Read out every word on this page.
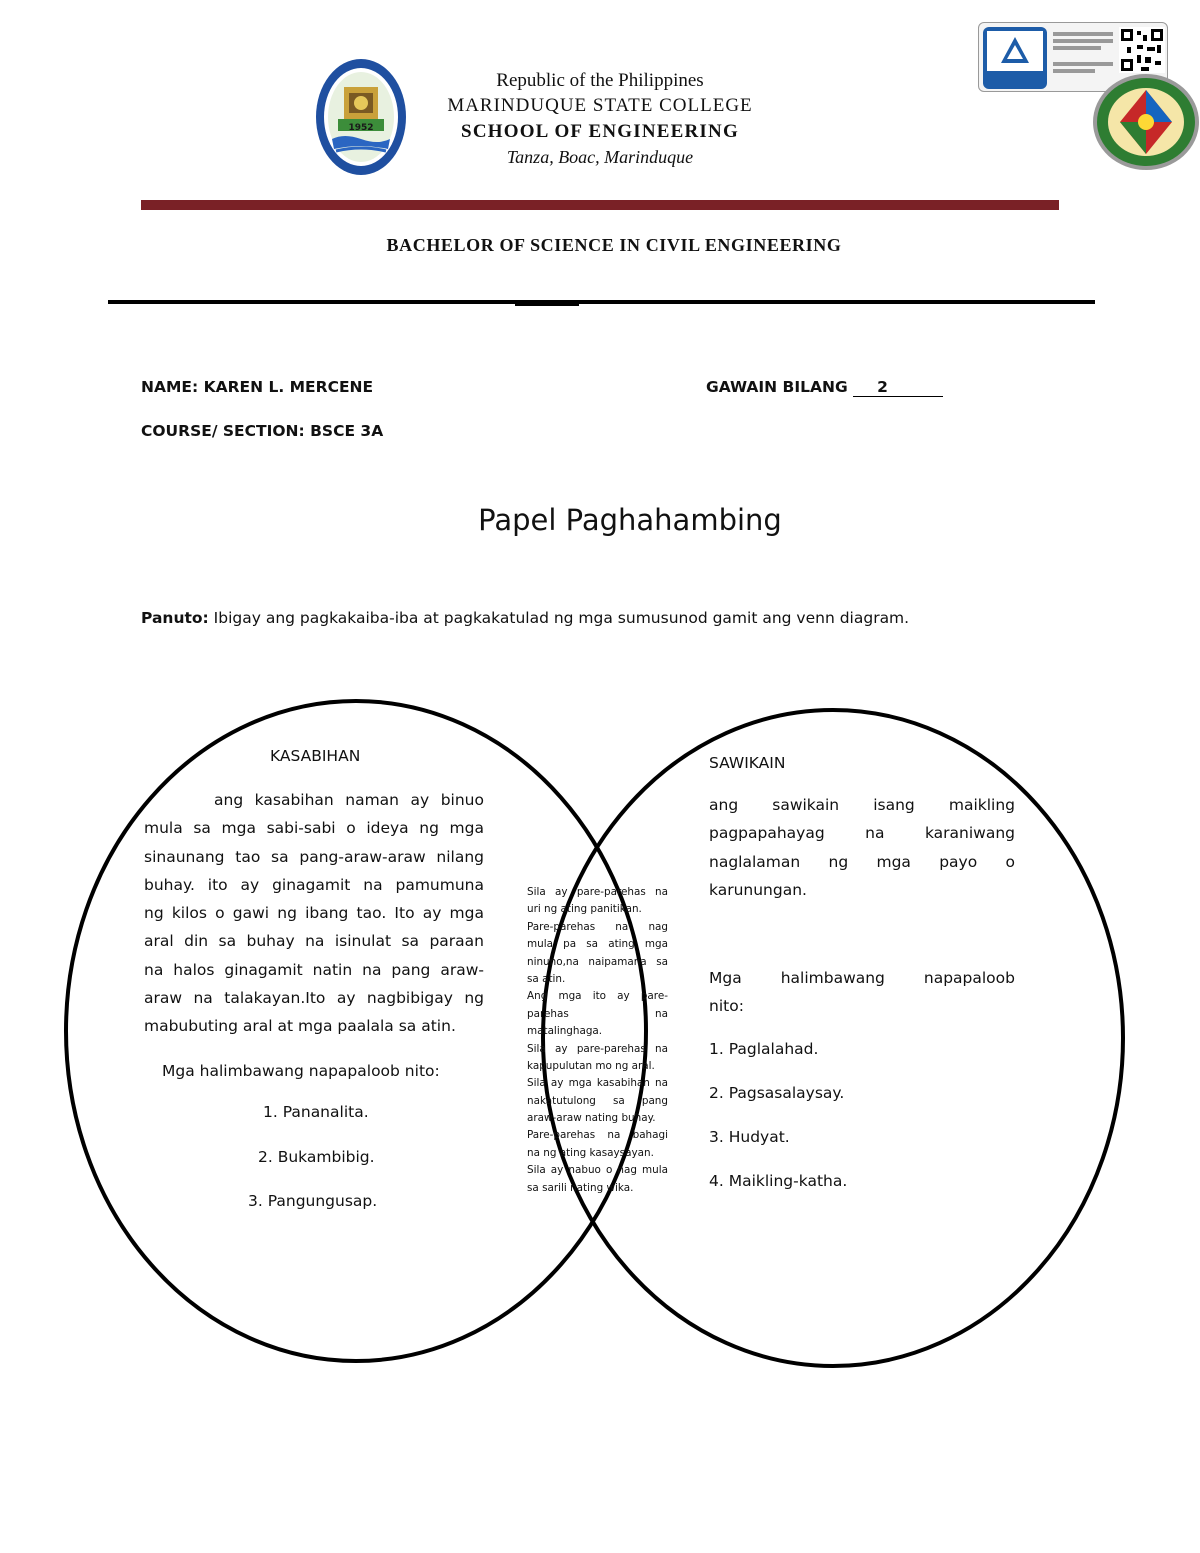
1952
Republic of the Philippines
MARINDUQUE STATE COLLEGE
SCHOOL OF ENGINEERING
Tanza, Boac, Marinduque
BACHELOR OF SCIENCE IN CIVIL ENGINEERING
NAME: KAREN L. MERCENE
COURSE/ SECTION: BSCE 3A
GAWAIN BILANG 2
Papel Paghahambing
Panuto: Ibigay ang pagkakaiba-iba at pagkakatulad ng mga sumusunod gamit ang venn diagram.
KASABIHAN
ang kasabihan naman ay binuo
mula sa mga sabi-sabi o ideya ng mga
sinaunang tao sa pang-araw-araw nilang
buhay. ito ay ginagamit na pamumuna
ng kilos o gawi ng ibang tao. Ito ay mga
aral din sa buhay na isinulat sa paraan
na halos ginagamit natin na pang araw-
araw na talakayan.Ito ay nagbibigay ng
mabubuting aral at mga paalala sa atin.
Mga halimbawang napapaloob nito:
1. Pananalita.
2. Bukambibig.
3. Pangungusap.
Sila ay pare-parehas na
uri ng ating panitikan.
Pare-parehas na nag
mula pa sa ating mga
ninuno,na naipamana sa
sa atin.
Ang mga ito ay pare-
parehas na
matalinghaga.
Sila ay pare-parehas na
kapupulutan mo ng aral.
Sila ay mga kasabihan na
nakatutulong sa pang
araw-araw nating buhay.
Pare-parehas na bahagi
na ng ating kasaysayan.
Sila ay nabuo o nag mula
sa sarili nating wika.
SAWIKAIN
ang sawikain isang maikling
pagpapahayag na karaniwang
naglalaman ng mga payo o
karunungan.
Mga halimbawang napapaloob
nito:
1. Paglalahad.
2. Pagsasalaysay.
3. Hudyat.
4. Maikling-katha.
